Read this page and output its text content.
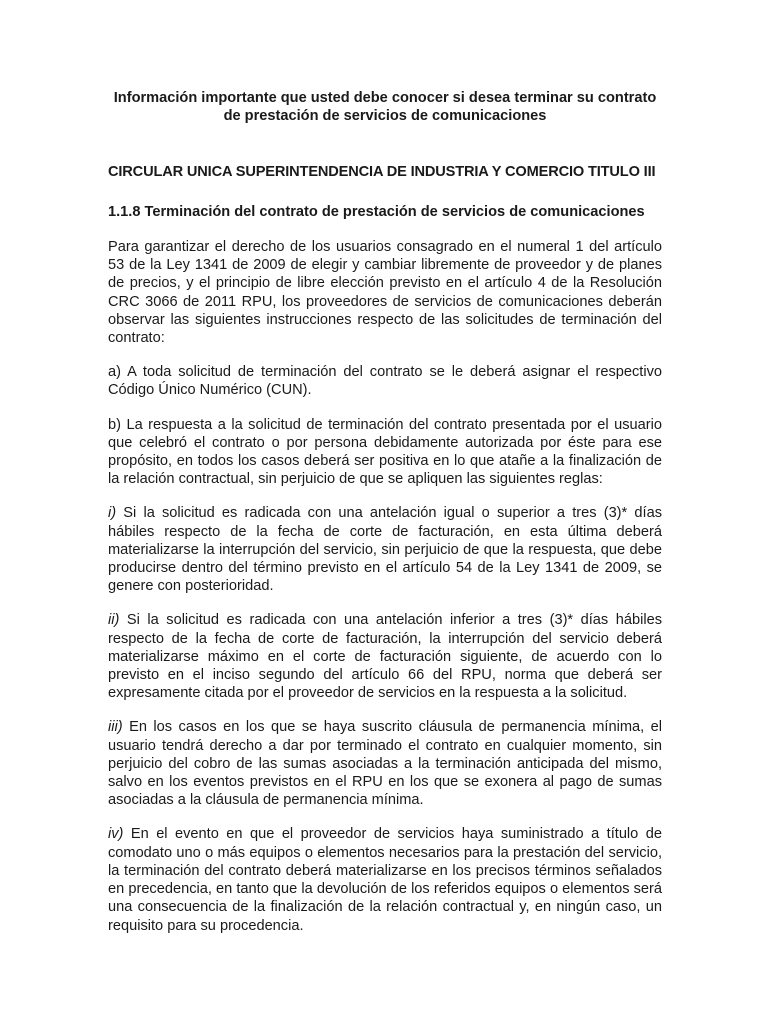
Información importante que usted debe conocer si desea terminar su contrato
de prestación de servicios de comunicaciones
CIRCULAR UNICA SUPERINTENDENCIA DE INDUSTRIA Y COMERCIO TITULO III
1.1.8 Terminación del contrato de prestación de servicios de comunicaciones

Para garantizar el derecho de los usuarios consagrado en el numeral 1 del artículo 53 de la Ley 1341 de 2009 de elegir y cambiar libremente de proveedor y de planes de precios, y el principio de libre elección previsto en el artículo 4 de la Resolución CRC 3066 de 2011 RPU, los proveedores de servicios de comunicaciones deberán observar las siguientes instrucciones respecto de las solicitudes de terminación del contrato:

a) A toda solicitud de terminación del contrato se le deberá asignar el respectivo Código Único Numérico (CUN).

b) La respuesta a la solicitud de terminación del contrato presentada por el usuario que celebró el contrato o por persona debidamente autorizada por éste para ese propósito, en todos los casos deberá ser positiva en lo que atañe a la finalización de la relación contractual, sin perjuicio de que se apliquen las siguientes reglas:

i) Si la solicitud es radicada con una antelación igual o superior a tres (3)* días hábiles respecto de la fecha de corte de facturación, en esta última deberá materializarse la interrupción del servicio, sin perjuicio de que la respuesta, que debe producirse dentro del término previsto en el artículo 54 de la Ley 1341 de 2009, se genere con posterioridad.

ii) Si la solicitud es radicada con una antelación inferior a tres (3)* días hábiles respecto de la fecha de corte de facturación, la interrupción del servicio deberá materializarse máximo en el corte de facturación siguiente, de acuerdo con lo previsto en el inciso segundo del artículo 66 del RPU, norma que deberá ser expresamente citada por el proveedor de servicios en la respuesta a la solicitud.

iii) En los casos en los que se haya suscrito cláusula de permanencia mínima, el usuario tendrá derecho a dar por terminado el contrato en cualquier momento, sin perjuicio del cobro de las sumas asociadas a la terminación anticipada del mismo, salvo en los eventos previstos en el RPU en los que se exonera al pago de sumas asociadas a la cláusula de permanencia mínima.

iv) En el evento en que el proveedor de servicios haya suministrado a título de comodato uno o más equipos o elementos necesarios para la prestación del servicio, la terminación del contrato deberá materializarse en los precisos términos señalados en precedencia, en tanto que la devolución de los referidos equipos o elementos será una consecuencia de la finalización de la relación contractual y, en ningún caso, un requisito para su procedencia.
